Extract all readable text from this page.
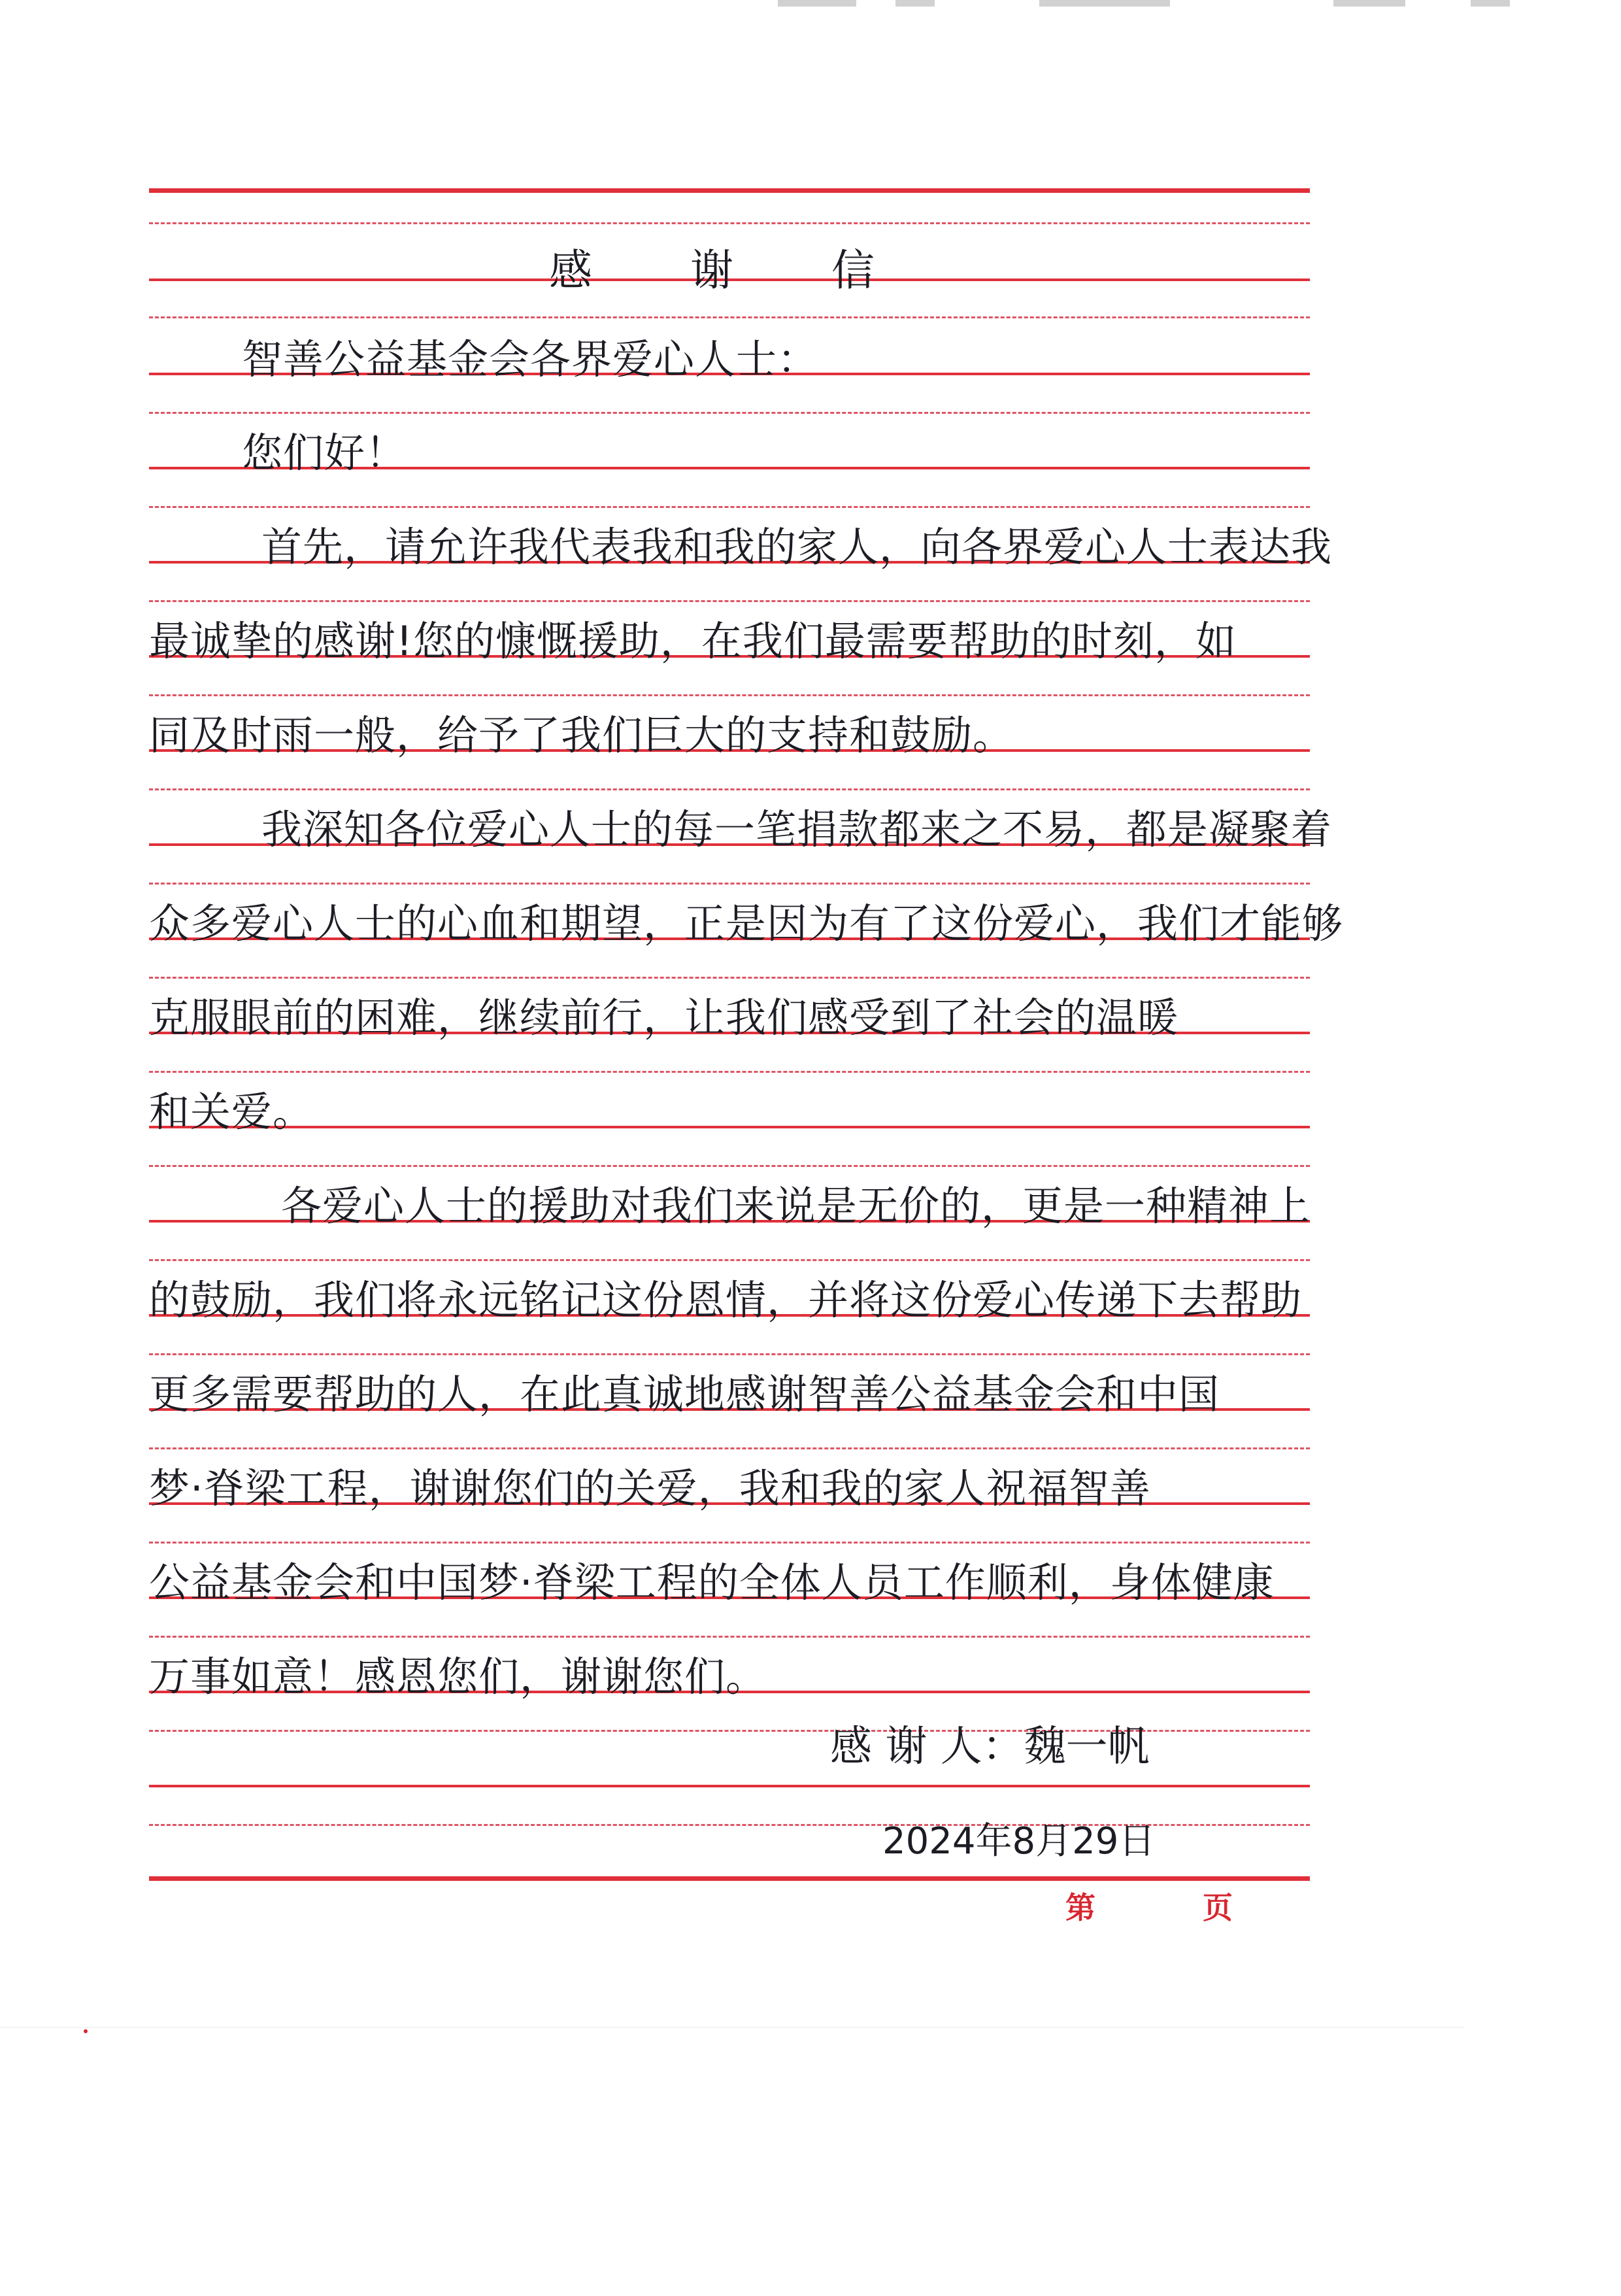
感 谢 信
智善公益基金会各界爱心人士：
您们好！
首先，请允许我代表我和我的家人，向各界爱心人士表达我
最诚挚的感谢!您的慷慨援助，在我们最需要帮助的时刻，如
同及时雨一般，给予了我们巨大的支持和鼓励。
我深知各位爱心人士的每一笔捐款都来之不易，都是凝聚着
众多爱心人士的心血和期望，正是因为有了这份爱心，我们才能够
克服眼前的困难，继续前行，让我们感受到了社会的温暖
和关爱。
各爱心人士的援助对我们来说是无价的，更是一种精神上
的鼓励，我们将永远铭记这份恩情，并将这份爱心传递下去帮助
更多需要帮助的人，在此真诚地感谢智善公益基金会和中国
梦·脊梁工程，谢谢您们的关爱，我和我的家人祝福智善
公益基金会和中国梦·脊梁工程的全体人员工作顺利，身体健康
万事如意！感恩您们，谢谢您们。
感 谢 人：魏一帆
2024年8月29日
第	页
